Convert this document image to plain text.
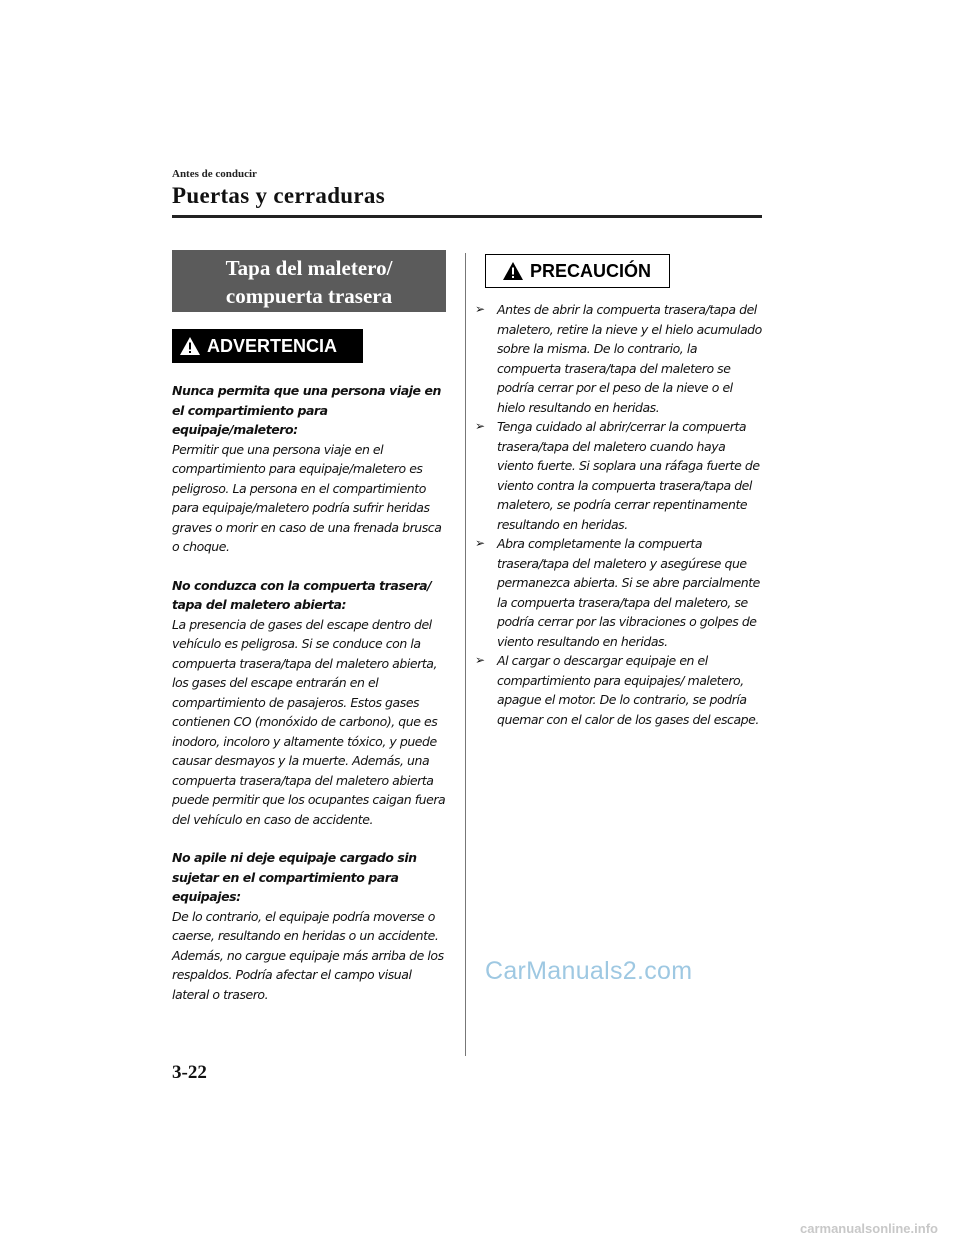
Antes de conducir
Puertas y cerraduras
Tapa del maletero/
compuerta trasera
ADVERTENCIA
Nunca permita que una persona viaje en el compartimiento para equipaje/maletero:
Permitir que una persona viaje en el compartimiento para equipaje/maletero es peligroso. La persona en el compartimiento para equipaje/maletero podría sufrir heridas graves o morir en caso de una frenada brusca o choque.
No conduzca con la compuerta trasera/ tapa del maletero abierta:
La presencia de gases del escape dentro del vehículo es peligrosa. Si se conduce con la compuerta trasera/tapa del maletero abierta, los gases del escape entrarán en el compartimiento de pasajeros. Estos gases contienen CO (monóxido de carbono), que es inodoro, incoloro y altamente tóxico, y puede causar desmayos y la muerte. Además, una compuerta trasera/tapa del maletero abierta puede permitir que los ocupantes caigan fuera del vehículo en caso de accidente.
No apile ni deje equipaje cargado sin sujetar en el compartimiento para equipajes:
De lo contrario, el equipaje podría moverse o caerse, resultando en heridas o un accidente. Además, no cargue equipaje más arriba de los respaldos. Podría afectar el campo visual lateral o trasero.
PRECAUCIÓN

➢ Antes de abrir la compuerta trasera/tapa del maletero, retire la nieve y el hielo acumulado sobre la misma. De lo contrario, la compuerta trasera/tapa del maletero se podría cerrar por el peso de la nieve o el hielo resultando en heridas.

➢ Tenga cuidado al abrir/cerrar la compuerta trasera/tapa del maletero cuando haya viento fuerte. Si soplara una ráfaga fuerte de viento contra la compuerta trasera/tapa del maletero, se podría cerrar repentinamente resultando en heridas.

➢ Abra completamente la compuerta trasera/tapa del maletero y asegúrese que permanezca abierta. Si se abre parcialmente la compuerta trasera/tapa del maletero, se podría cerrar por las vibraciones o golpes de viento resultando en heridas.

➢ Al cargar o descargar equipaje en el compartimiento para equipajes/ maletero, apague el motor. De lo contrario, se podría quemar con el calor de los gases del escape.

CarManuals2.com
3-22
carmanualsonline.info
